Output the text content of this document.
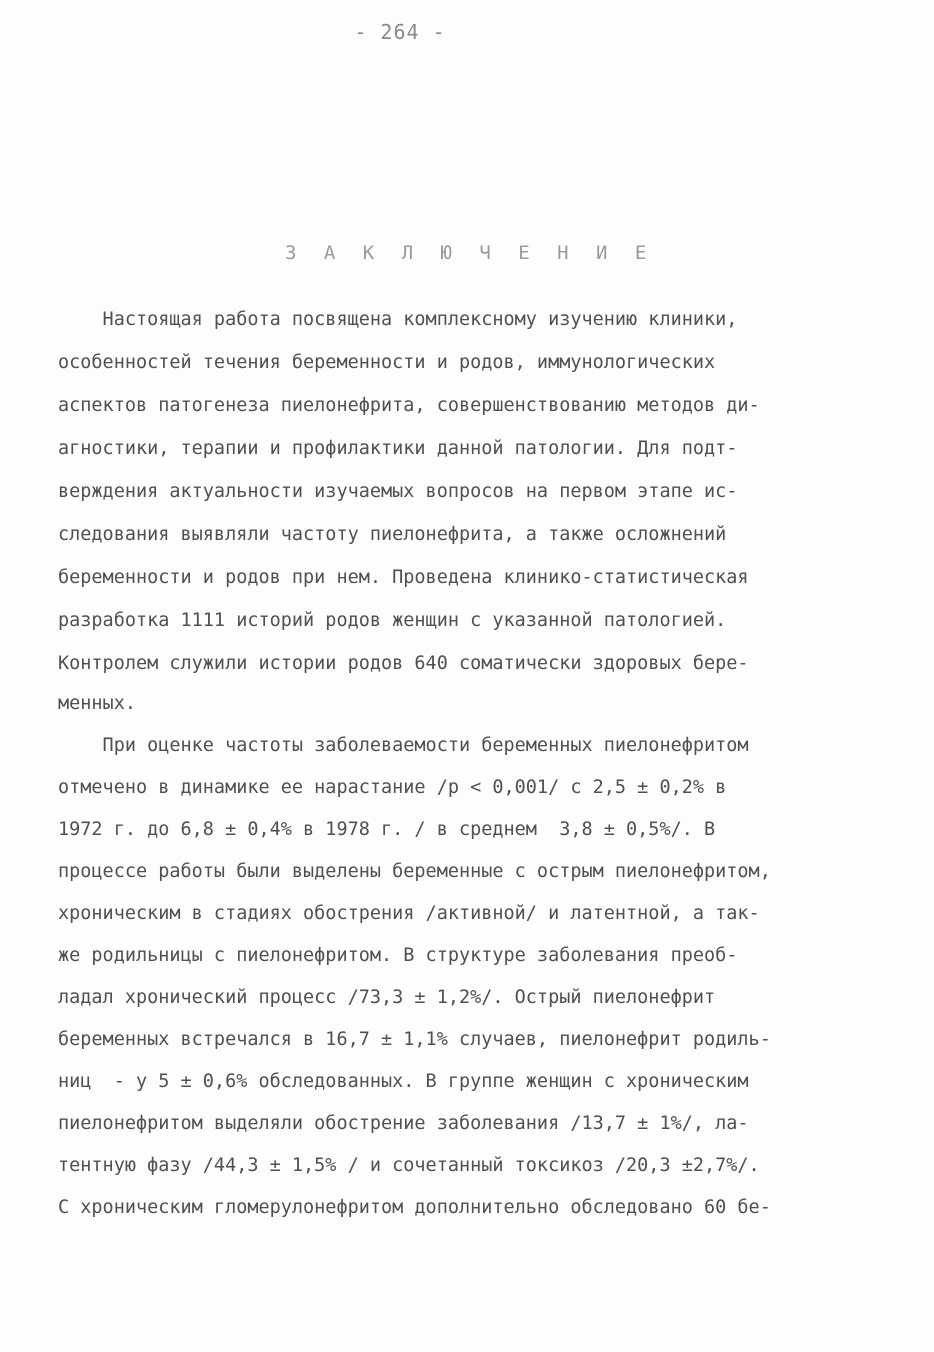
- 264 -
З А К Л Ю Ч Е Н И Е
Настоящая работа посвящена комплексному изучению клиники,
особенностей течения беременности и родов, иммунологических
аспектов патогенеза пиелонефрита, совершенствованию методов ди-
агностики, терапии и профилактики данной патологии. Для подт-
верждения актуальности изучаемых вопросов на первом этапе ис-
следования выявляли частоту пиелонефрита, а также осложнений
беременности и родов при нем. Проведена клинико-статистическая
разработка 1111 историй родов женщин с указанной патологией.
Контролем служили истории родов 640 соматически здоровых бере-
менных.
При оценке частоты заболеваемости беременных пиелонефритом
отмечено в динамике ее нарастание /р < 0,001/ с 2,5 ± 0,2% в
1972 г. до 6,8 ± 0,4% в 1978 г. / в среднем  3,8 ± 0,5%/. В
процессе работы были выделены беременные с острым пиелонефритом,
хроническим в стадиях обострения /активной/ и латентной, а так-
же родильницы с пиелонефритом. В структуре заболевания преоб-
ладал хронический процесс /73,3 ± 1,2%/. Острый пиелонефрит
беременных встречался в 16,7 ± 1,1% случаев, пиелонефрит родиль-
ниц  - у 5 ± 0,6% обследованных. В группе женщин с хроническим
пиелонефритом выделяли обострение заболевания /13,7 ± 1%/, ла-
тентную фазу /44,3 ± 1,5% / и сочетанный токсикоз /20,3 ±2,7%/.
С хроническим гломерулонефритом дополнительно обследовано 60 бе-
